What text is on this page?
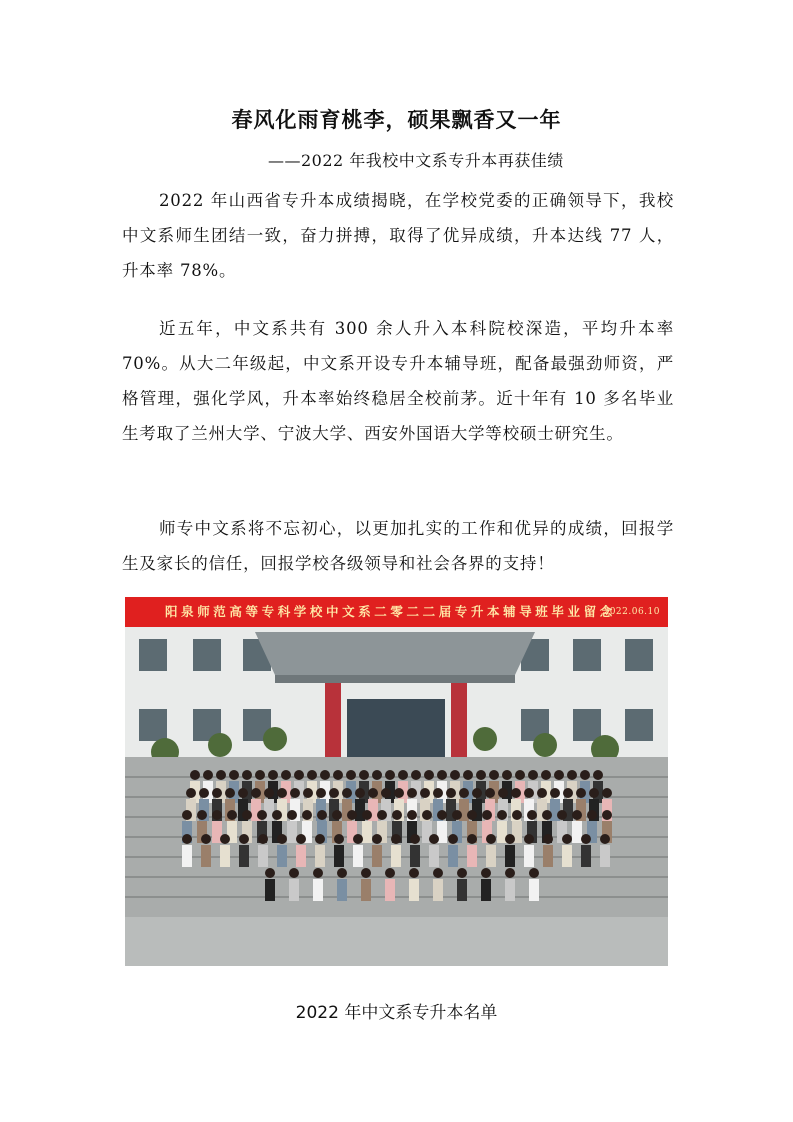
春风化雨育桃李，硕果飘香又一年

——2022 年我校中文系专升本再获佳绩

2022 年山西省专升本成绩揭晓，在学校党委的正确领导下，我校中文系师生团结一致，奋力拼搏，取得了优异成绩，升本达线 77 人，升本率 78%。

近五年，中文系共有 300 余人升入本科院校深造，平均升本率 70%。从大二年级起，中文系开设专升本辅导班，配备最强劲师资，严格管理，强化学风，升本率始终稳居全校前茅。近十年有 10 多名毕业生考取了兰州大学、宁波大学、西安外国语大学等校硕士研究生。

师专中文系将不忘初心，以更加扎实的工作和优异的成绩，回报学生及家长的信任，回报学校各级领导和社会各界的支持！

阳泉师范高等专科学校中文系二零二二届专升本辅导班毕业留念
2022.06.10

2022 年中文系专升本名单
